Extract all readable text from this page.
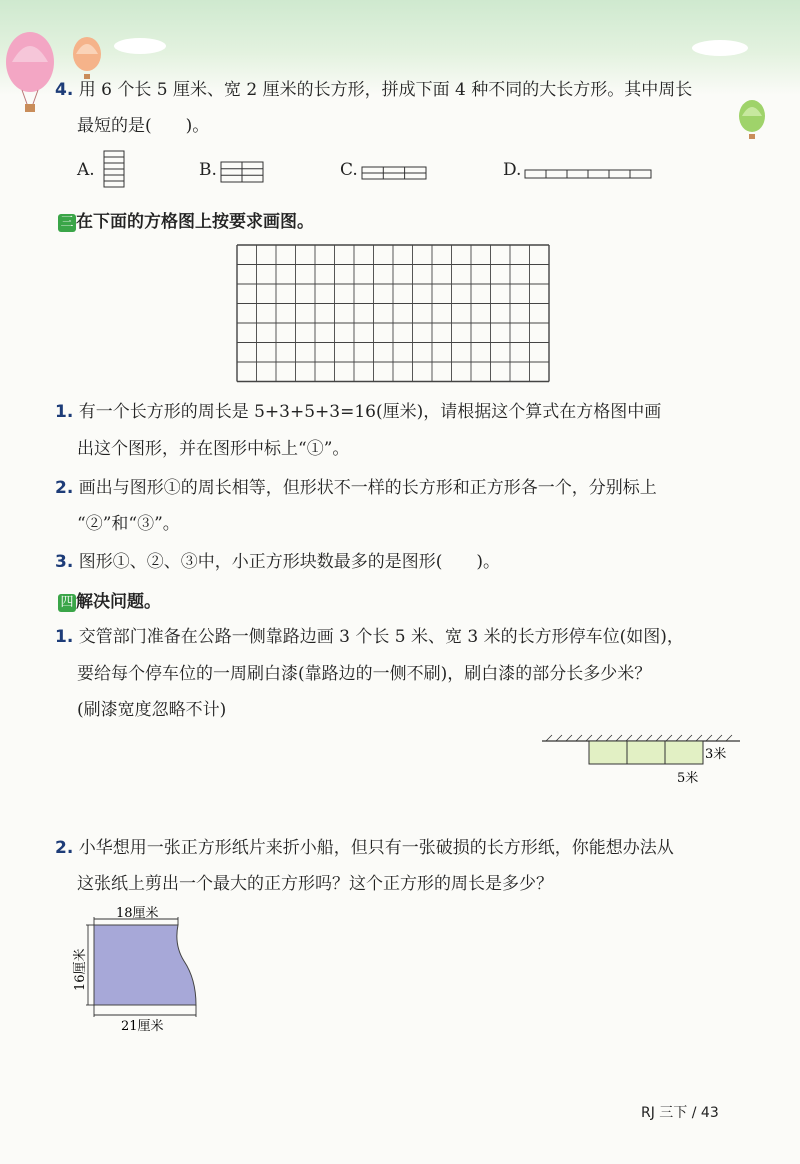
4. 用 6 个长 5 厘米、宽 2 厘米的长方形，拼成下面 4 种不同的大长方形。其中周长
最短的是(　　)。
A.	B.	C.	D.
三 在下面的方格图上按要求画图。
1. 有一个长方形的周长是 5+3+5+3=16(厘米)，请根据这个算式在方格图中画
出这个图形，并在图形中标上“①”。
2. 画出与图形①的周长相等，但形状不一样的长方形和正方形各一个，分别标上
“②”和“③”。
3. 图形①、②、③中，小正方形块数最多的是图形(　　)。
四 解决问题。
1. 交管部门准备在公路一侧靠路边画 3 个长 5 米、宽 3 米的长方形停车位(如图)，
要给每个停车位的一周刷白漆(靠路边的一侧不刷)，刷白漆的部分长多少米？
(刷漆宽度忽略不计)
3米
5米
2. 小华想用一张正方形纸片来折小船，但只有一张破损的长方形纸，你能想办法从
这张纸上剪出一个最大的正方形吗？这个正方形的周长是多少？
18厘米
21厘米
16厘米
RJ 三下 / 43
